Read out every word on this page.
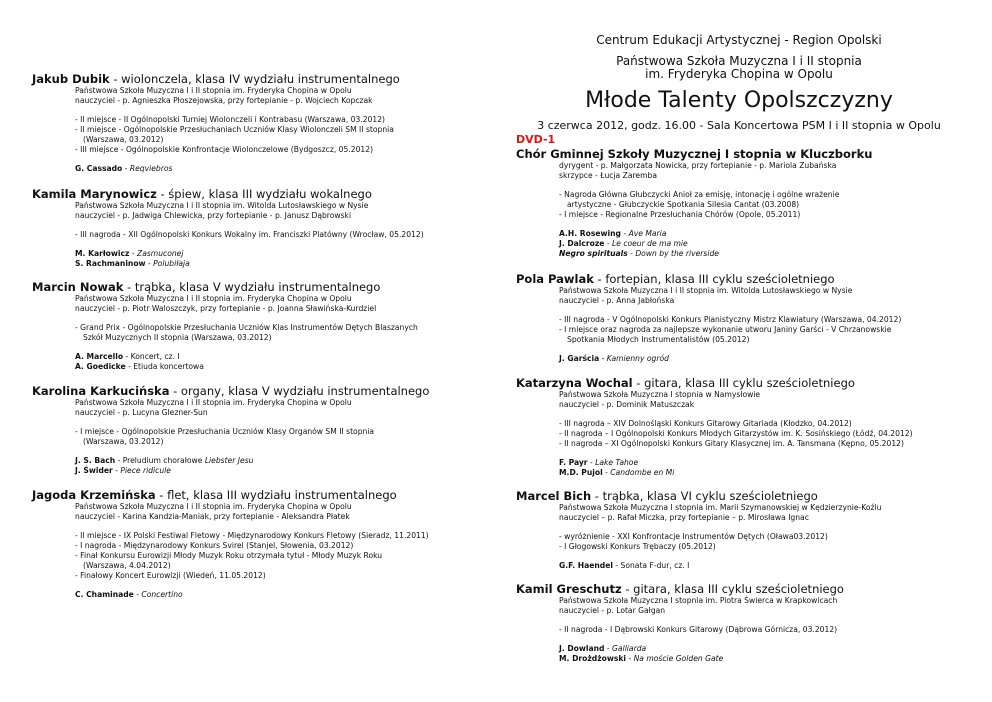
Centrum Edukacji Artystycznej - Region Opolski
Państwowa Szkoła Muzyczna I i II stopnia
im. Fryderyka Chopina w Opolu
Młode Talenty Opolszczyzny
3 czerwca 2012, godz. 16.00 - Sala Koncertowa PSM I i II stopnia w Opolu
DVD-1
Jakub Dubik - wiolonczela, klasa IV wydziału instrumentalnego
Państwowa Szkoła Muzyczna I i II stopnia im. Fryderyka Chopina w Opolu
nauczyciel - p. Agnieszka Płoszejowska, przy fortepianie - p. Wojciech Kopczak
- II miejsce - II Ogólnopolski Turniej Wiolonczeli i Kontrabasu (Warszawa, 03.2012)
- II miejsce - Ogólnopolskie Przesłuchaniach Uczniów Klasy Wiolonczeli SM II stopnia
(Warszawa, 03.2012)
- III miejsce - Ogólnopolskie Konfrontacje Wiolonczelowe (Bydgoszcz, 05.2012)
G. Cassado - Reqviebros
Kamila Marynowicz - śpiew, klasa III wydziału wokalnego
Państwowa Szkoła Muzyczna I i II stopnia im. Witolda Lutosławskiego w Nysie
nauczyciel - p. Jadwiga Chlewicka, przy fortepianie - p. Janusz Dąbrowski
- III nagroda - XII Ogólnopolski Konkurs Wokalny im. Franciszki Platówny (Wrocław, 05.2012)
M. Karłowicz - Zasmuconej
S. Rachmaninow - Polubiłaja
Marcin Nowak - trąbka, klasa V wydziału instrumentalnego
Państwowa Szkoła Muzyczna I i II stopnia im. Fryderyka Chopina w Opolu
nauczyciel - p. Piotr Waloszczyk, przy fortepianie - p. Joanna Sławińska-Kurdziel
- Grand Prix - Ogólnopolskie Przesłuchania Uczniów Klas Instrumentów Dętych Blaszanych
Szkół Muzycznych II stopnia (Warszawa, 03.2012)
A. Marcello - Koncert, cz. I
A. Goedicke - Etiuda koncertowa
Karolina Karkucińska - organy, klasa V wydziału instrumentalnego
Państwowa Szkoła Muzyczna I i II stopnia im. Fryderyka Chopina w Opolu
nauczyciel - p. Lucyna Glezner-Sun
- I miejsce - Ogólnopolskie Przesłuchania Uczniów Klasy Organów SM II stopnia
(Warszawa, 03.2012)
J. S. Bach - Preludium chorałowe Liebster Jesu
J. Świder - Piece ridicule
Jagoda Krzemińska - flet, klasa III wydziału instrumentalnego
Państwowa Szkoła Muzyczna I i II stopnia im. Fryderyka Chopina w Opolu
nauczyciel - Karina Kandzia-Maniak, przy fortepianie - Aleksandra Płatek
- II miejsce - IX Polski Festiwal Fletowy - Międzynarodowy Konkurs Fletowy (Sieradz, 11.2011)
- I nagroda - Międzynarodowy Konkurs Svirel (Stanjel, Słowenia, 03.2012)
- Finał Konkursu Eurowizji Młody Muzyk Roku otrzymała tytuł - Młody Muzyk Roku
(Warszawa, 4.04.2012)
- Finałowy Koncert Eurowizji (Wiedeń, 11.05.2012)
C. Chaminade - Concertino
Chór Gminnej Szkoły Muzycznej I stopnia w Kluczborku
dyrygent - p. Małgorzata Nowicka, przy fortepianie - p. Mariola Zubańska
skrzypce - Łucja Zaremba
- Nagroda Główna Głubczycki Anioł za emisję, intonację i ogólne wrażenie
artystyczne - Głubczyckie Spotkania Silesia Cantat (03.2008)
- I miejsce - Regionalne Przesłuchania Chórów (Opole, 05.2011)
A.H. Rosewing - Ave Maria
J. Dalcroze - Le coeur de ma mie
Negro spirituals - Down by the riverside
Pola Pawlak - fortepian, klasa III cyklu sześcioletniego
Państwowa Szkoła Muzyczna I i II stopnia im. Witolda Lutosławskiego w Nysie
nauczyciel - p. Anna Jabłońska
- III nagroda - V Ogólnopolski Konkurs Pianistyczny Mistrz Klawiatury (Warszawa, 04.2012)
- I miejsce oraz nagroda za najlepsze wykonanie utworu Janiny Garści - V Chrzanowskie
Spotkania Młodych Instrumentalistów (05.2012)
J. Garścia - Kamienny ogród
Katarzyna Wochal - gitara, klasa III cyklu sześcioletniego
Państwowa Szkoła Muzyczna I stopnia w Namysłowie
nauczyciel - p. Dominik Matuszczak
- III nagroda – XIV Dolnośląski Konkurs Gitarowy Gitariada (Kłodzko, 04.2012)
- II nagroda – I Ogólnopolski Konkurs Młodych Gitarzystów im. K. Sosińskiego (Łódź, 04.2012)
- II nagroda – XI Ogólnopolski Konkurs Gitary Klasycznej im. A. Tansmana (Kępno, 05.2012)
F. Payr - Lake Tahoe
M.D. Pujol - Candombe en Mi
Marcel Bich - trąbka, klasa VI cyklu sześcioletniego
Państwowa Szkoła Muzyczna I stopnia im. Marii Szymanowskiej w Kędzierzynie-Koźlu
nauczyciel – p. Rafał Miczka, przy fortepianie – p. Mirosława Ignac
- wyróżnienie - XXI Konfrontacje Instrumentów Dętych (Oława03.2012)
- I Głogowski Konkurs Trębaczy (05.2012)
G.F. Haendel - Sonata F-dur, cz. I
Kamil Greschutz - gitara, klasa III cyklu sześcioletniego
Państwowa Szkoła Muzyczna I stopnia im. Piotra Świerca w Krapkowicach
nauczyciel - p. Lotar Gałgan
- II nagroda - I Dąbrowski Konkurs Gitarowy (Dąbrowa Górnicza, 03.2012)
J. Dowland - Galliarda
M. Drożdżowski - Na moście Golden Gate
